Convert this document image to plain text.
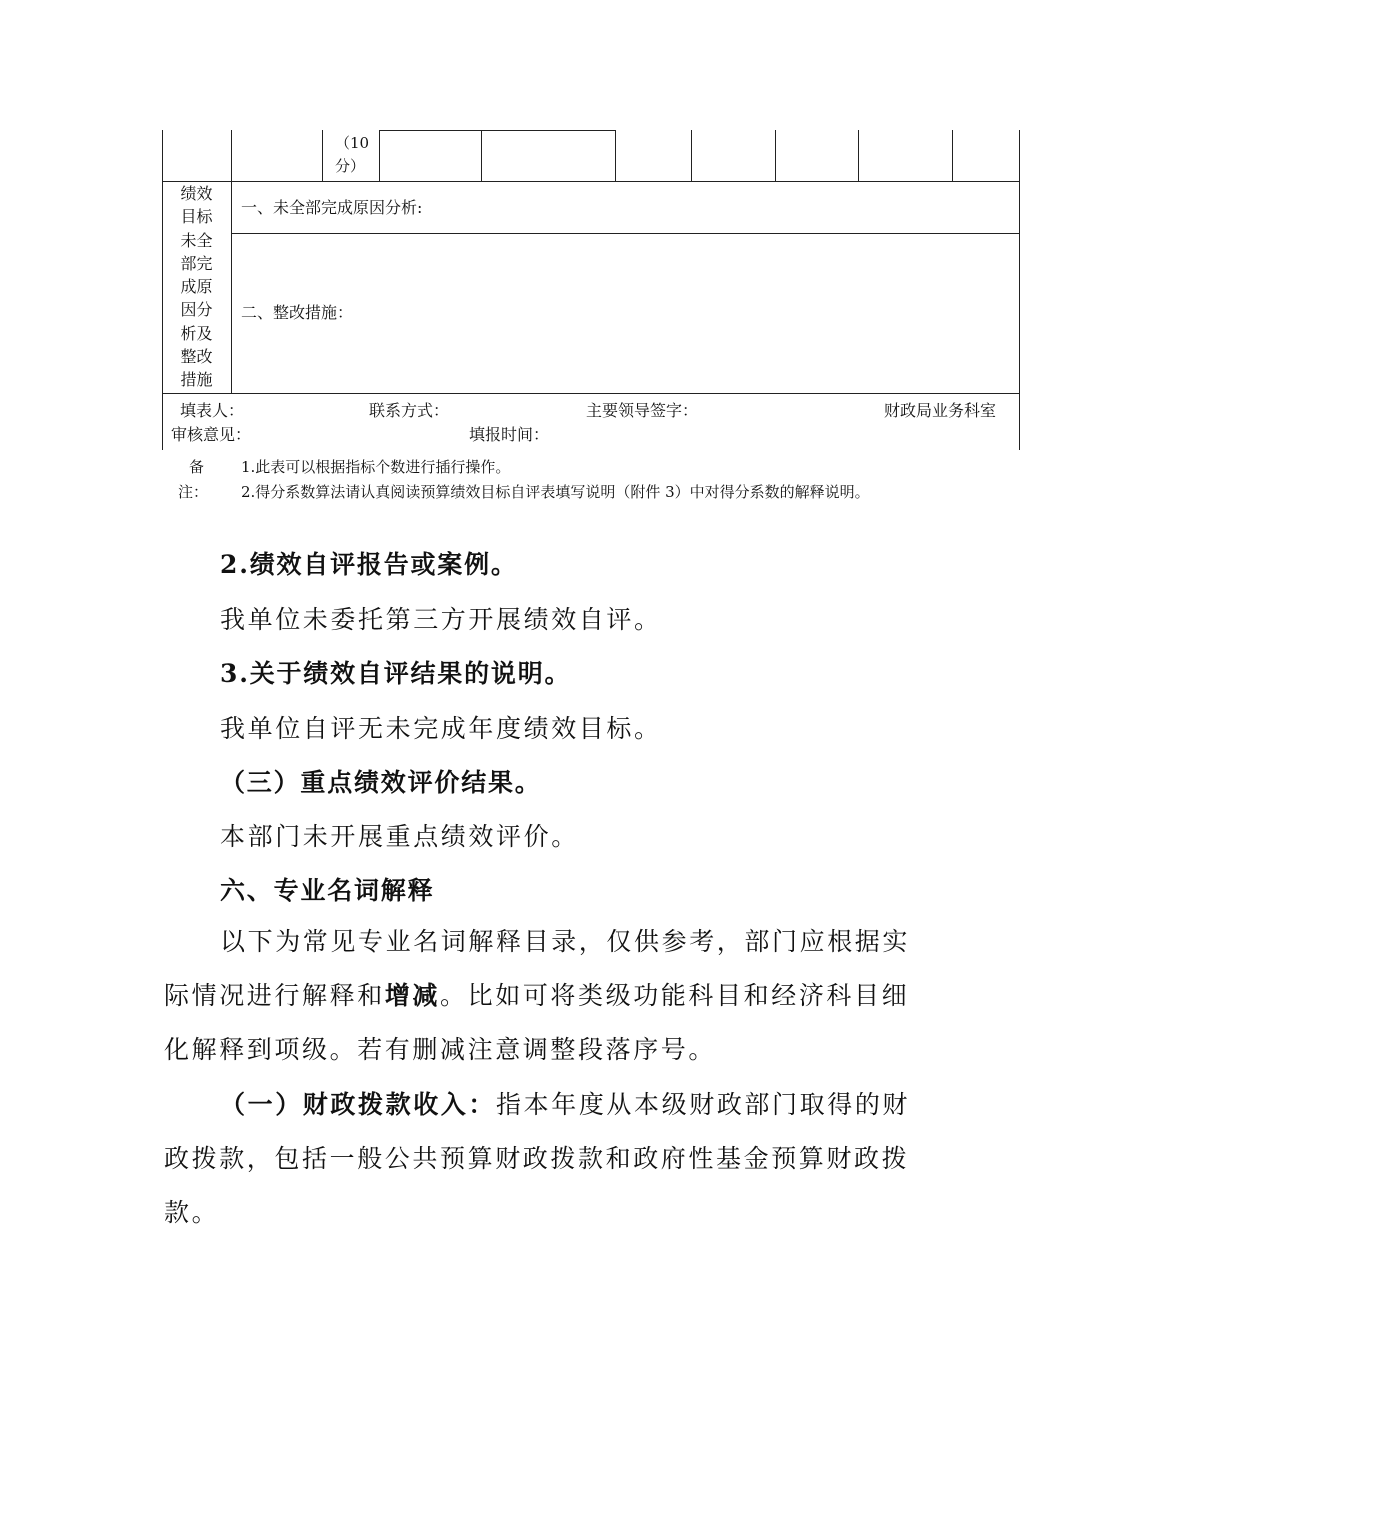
（10
分）
绩效
目标
未全
部完
成原
因分
析及
整改
措施
一、未全部完成原因分析:
二、整改措施：
填表人：	联系方式：	主要领导签字：	财政局业务科室
审核意见：	填报时间：
备	1.此表可以根据指标个数进行插行操作。
注： 2.得分系数算法请认真阅读预算绩效目标自评表填写说明（附件 3）中对得分系数的解释说明。
2.绩效自评报告或案例。
我单位未委托第三方开展绩效自评。
3.关于绩效自评结果的说明。
我单位自评无未完成年度绩效目标。
（三）重点绩效评价结果。
本部门未开展重点绩效评价。
六、专业名词解释
以下为常见专业名词解释目录，仅供参考，部门应根据实际情况进行解释和增减。比如可将类级功能科目和经济科目细化解释到项级。若有删减注意调整段落序号。
（一）财政拨款收入：指本年度从本级财政部门取得的财政拨款，包括一般公共预算财政拨款和政府性基金预算财政拨款。
